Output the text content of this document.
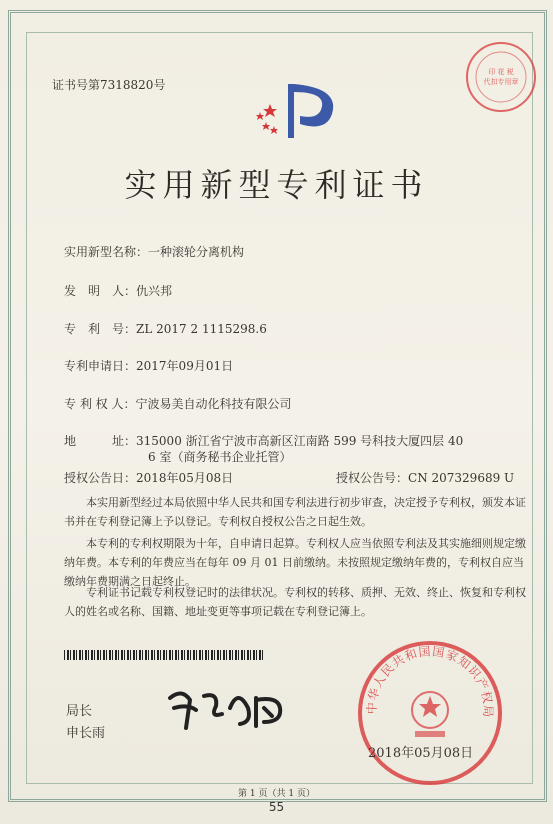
印 花 税
代扣专用章
证书号第7318820号
实用新型专利证书
实用新型名称：一种滚轮分离机构
发　明　人：仇兴邦
专　利　号：ZL 2017 2 1115298.6
专利申请日：2017年09月01日
专 利 权 人：宁波易美自动化科技有限公司
地　　　址：315000 浙江省宁波市高新区江南路 599 号科技大厦四层 40
6 室（商务秘书企业托管）
授权公告日：2018年05月08日	授权公告号：CN 207329689 U
本实用新型经过本局依照中华人民共和国专利法进行初步审查，决定授予专利权，颁发本证书并在专利登记簿上予以登记。专利权自授权公告之日起生效。
本专利的专利权期限为十年，自申请日起算。专利权人应当依照专利法及其实施细则规定缴纳年费。本专利的年费应当在每年 09 月 01 日前缴纳。未按照规定缴纳年费的，专利权自应当缴纳年费期满之日起终止。
专利证书记载专利权登记时的法律状况。专利权的转移、质押、无效、终止、恢复和专利权人的姓名或名称、国籍、地址变更等事项记载在专利登记簿上。
局长
申长雨
中华人民共和国国家知识产权局
2018年05月08日
第 1 页（共 1 页）
55
